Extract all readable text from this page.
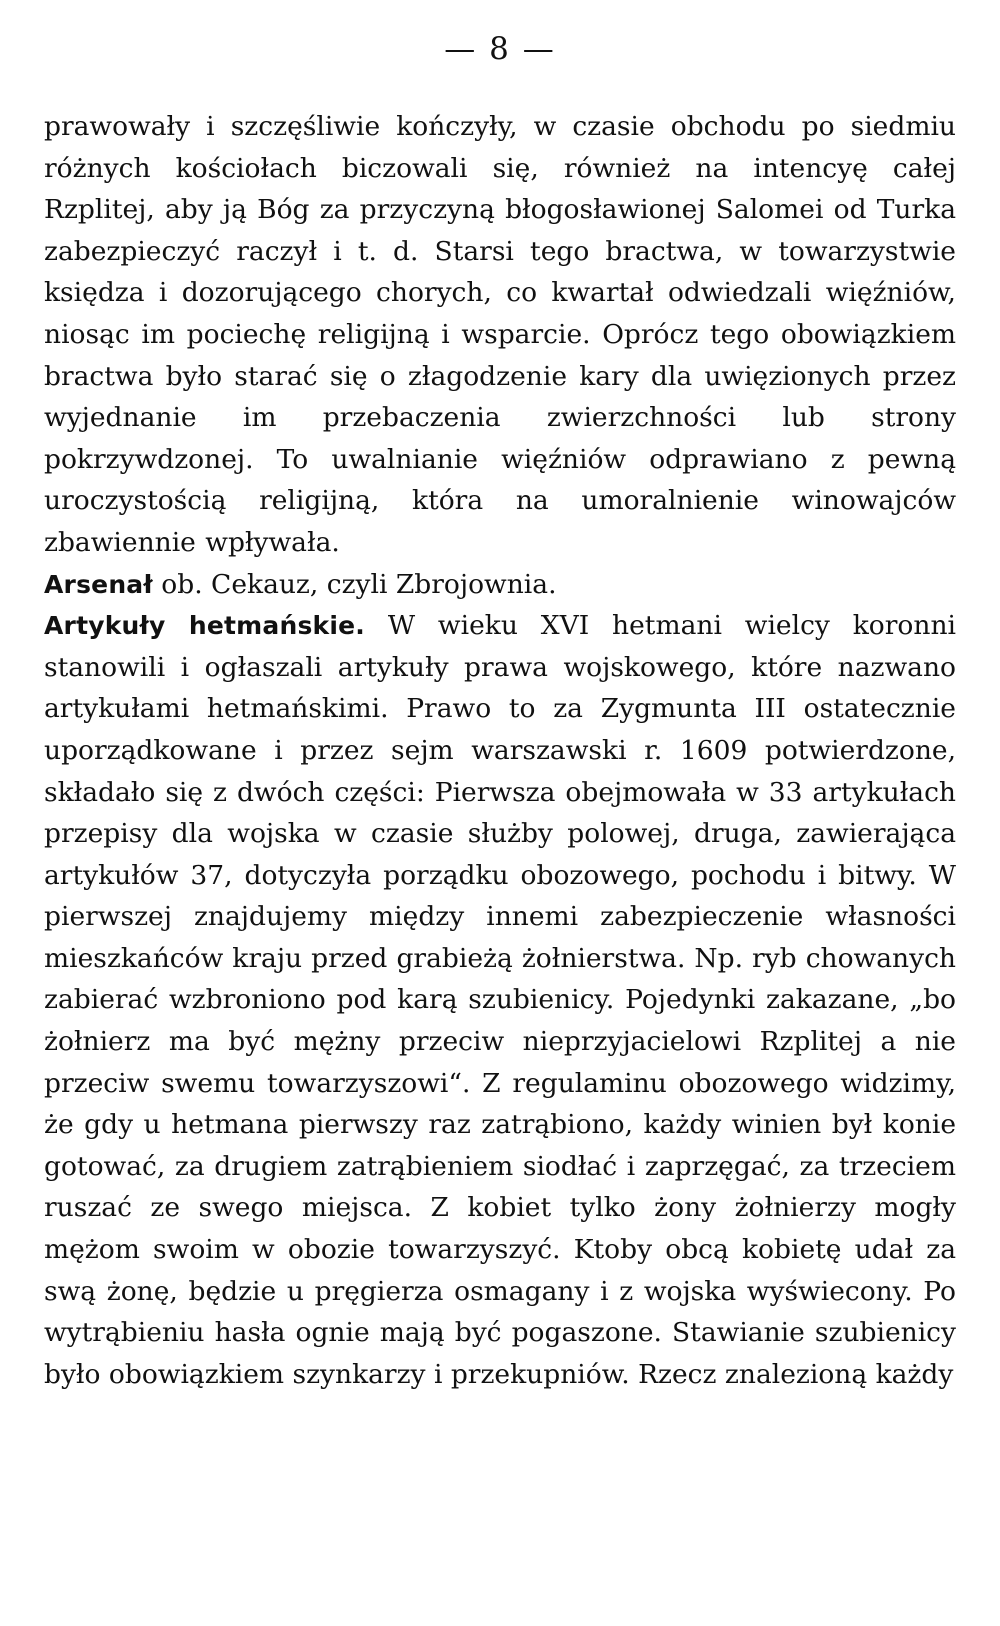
— 8 —

prawowały i szczęśliwie kończyły, w czasie obchodu po siedmiu różnych kościołach biczowali się, również na intencyę całej Rzplitej, aby ją Bóg za przyczyną błogosławionej Salomei od Turka zabezpieczyć raczył i t. d. Starsi tego bractwa, w towarzystwie księdza i dozorującego chorych, co kwartał odwiedzali więźniów, niosąc im pociechę religijną i wsparcie. Oprócz tego obowiązkiem bractwa było starać się o złagodzenie kary dla uwięzionych przez wyjednanie im przebaczenia zwierzchności lub strony pokrzywdzonej. To uwalnianie więźniów odprawiano z pewną uroczystością religijną, która na umoralnienie winowajców zbawiennie wpływała.

Arsenał ob. Cekauz, czyli Zbrojownia.

Artykuły hetmańskie. W wieku XVI hetmani wielcy koronni stanowili i ogłaszali artykuły prawa wojskowego, które nazwano artykułami hetmańskimi. Prawo to za Zygmunta III ostatecznie uporządkowane i przez sejm warszawski r. 1609 potwierdzone, składało się z dwóch części: Pierwsza obejmowała w 33 artykułach przepisy dla wojska w czasie służby polowej, druga, zawierająca artykułów 37, dotyczyła porządku obozowego, pochodu i bitwy. W pierwszej znajdujemy między innemi zabezpieczenie własności mieszkańców kraju przed grabieżą żołnierstwa. Np. ryb chowanych zabierać wzbroniono pod karą szubienicy. Pojedynki zakazane, „bo żołnierz ma być mężny przeciw nieprzyjacielowi Rzplitej a nie przeciw swemu towarzyszowi“. Z regulaminu obozowego widzimy, że gdy u hetmana pierwszy raz zatrąbiono, każdy winien był konie gotować, za drugiem zatrąbieniem siodłać i zaprzęgać, za trzeciem ruszać ze swego miejsca. Z kobiet tylko żony żołnierzy mogły mężom swoim w obozie towarzyszyć. Ktoby obcą kobietę udał za swą żonę, będzie u pręgierza osmagany i z wojska wyświecony. Po wytrąbieniu hasła ognie mają być pogaszone. Stawianie szubienicy było obowiązkiem szynkarzy i przekupniów. Rzecz znalezioną każdy
